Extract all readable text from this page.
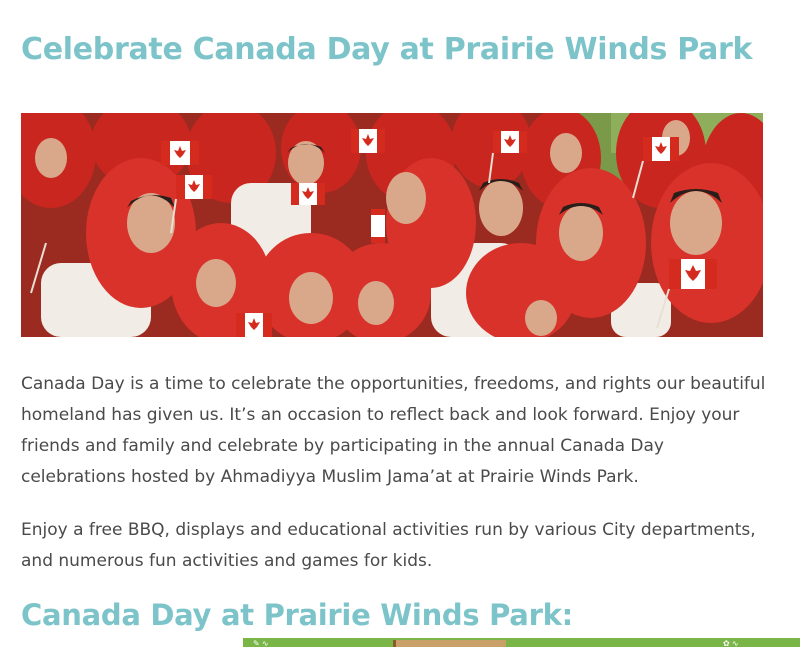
Celebrate Canada Day at Prairie Winds Park

Canada Day is a time to celebrate the opportunities, freedoms, and rights our beautiful homeland has given us. It’s an occasion to reflect back and look forward. Enjoy your friends and family and celebrate by participating in the annual Canada Day celebrations hosted by Ahmadiyya Muslim Jama’at at Prairie Winds Park.

Enjoy a free BBQ, displays and educational activities run by various City departments, and numerous fun activities and games for kids.

Canada Day at Prairie Winds Park:
✎ ∿	✿ ∿
